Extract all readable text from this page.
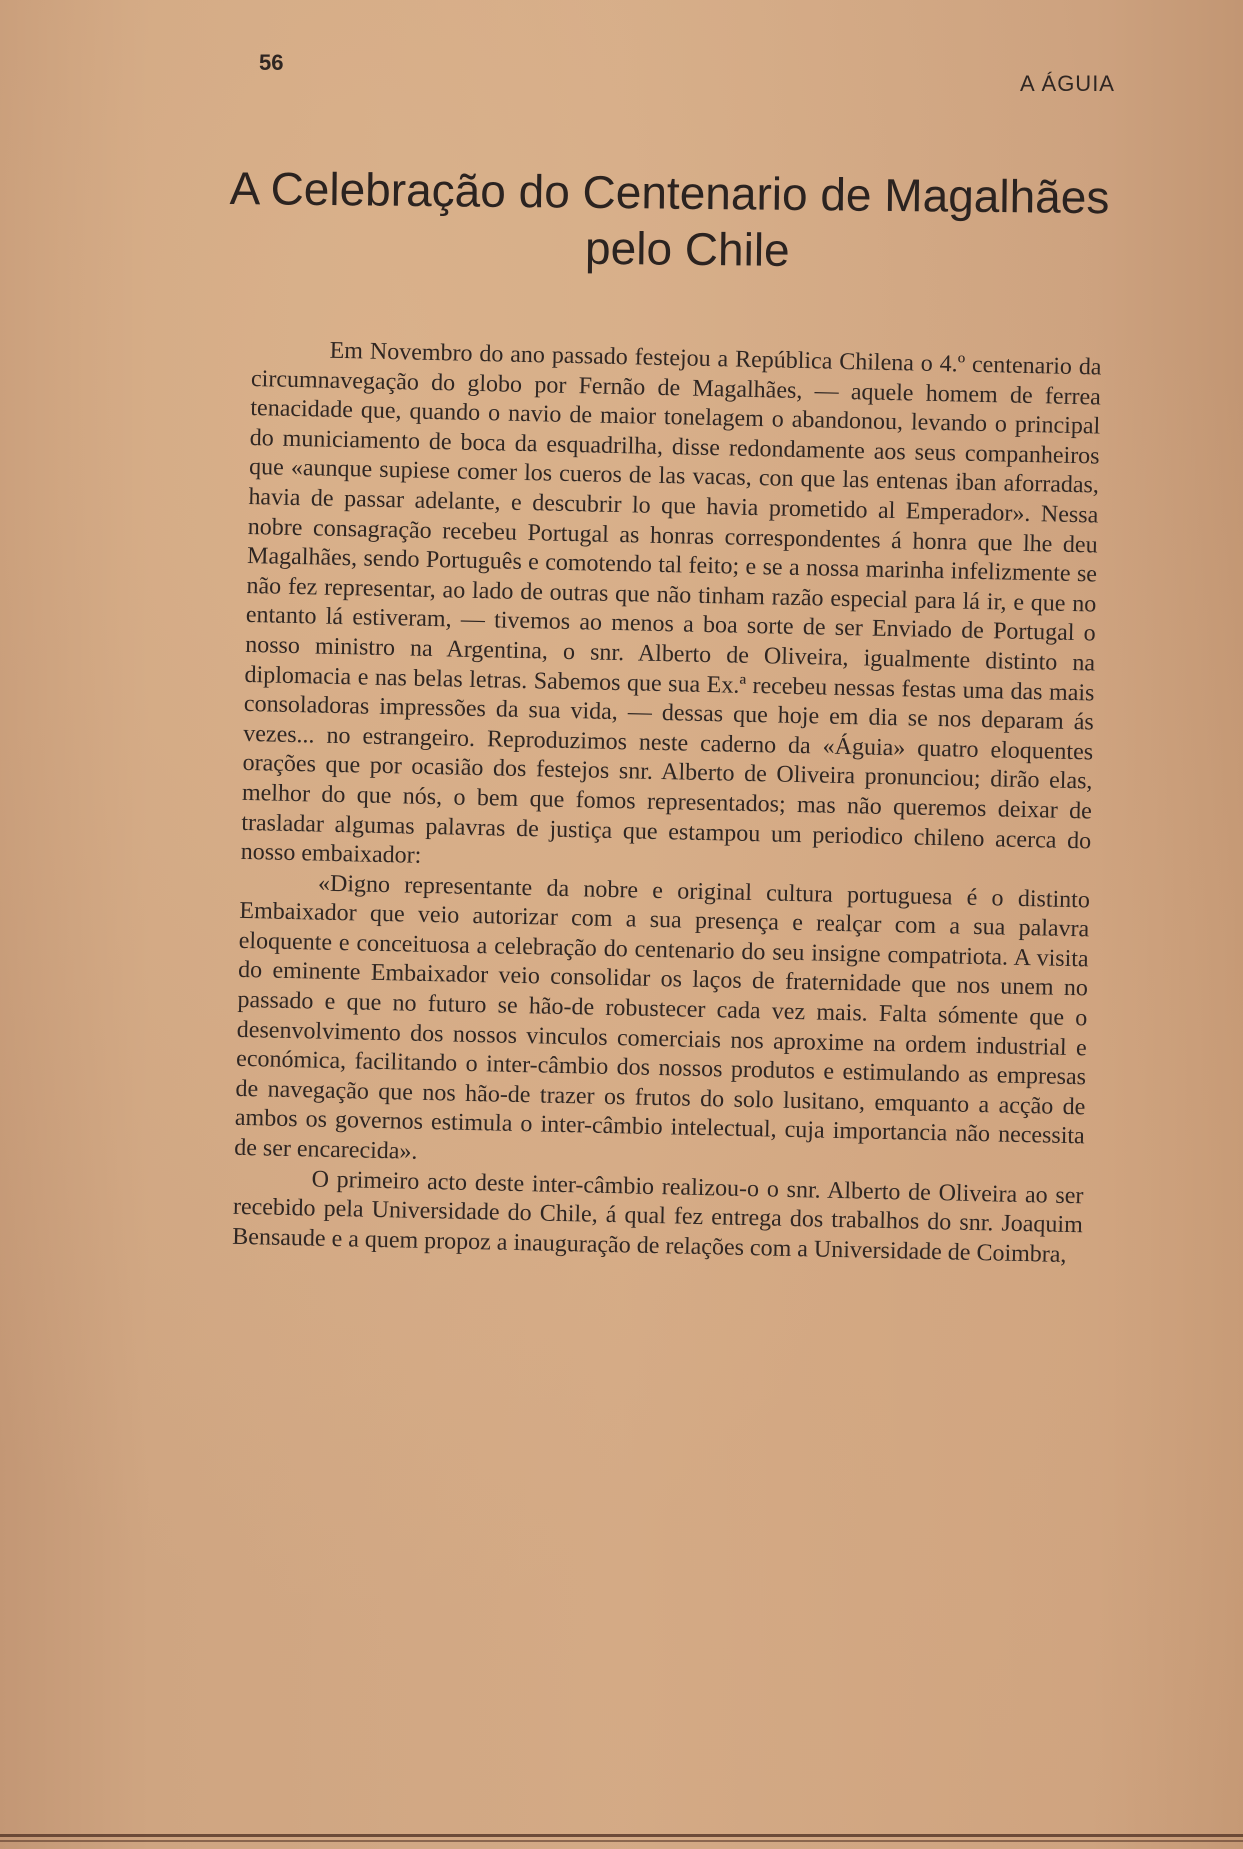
56
A ÁGUIA
A Celebração do Centenario de Magalhães
pelo Chile

Em Novembro do ano passado festejou a República Chilena o 4.º centenario da circumnavegação do globo por Fernão de Magalhães, — aquele homem de ferrea tenacidade que, quando o navio de maior tonelagem o abandonou, levando o principal do municiamento de boca da esquadrilha, disse redondamente aos seus companheiros que «aunque supiese comer los cueros de las vacas, con que las entenas iban aforradas, havia de passar adelante, e descubrir lo que havia prometido al Emperador». Nessa nobre consagração recebeu Portugal as honras correspondentes á honra que lhe deu Magalhães, sendo Português e comotendo tal feito; e se a nossa marinha infelizmente se não fez representar, ao lado de outras que não tinham razão especial para lá ir, e que no entanto lá estiveram, — tivemos ao menos a boa sorte de ser Enviado de Portugal o nosso ministro na Argentina, o snr. Alberto de Oliveira, igualmente distinto na diplomacia e nas belas letras. Sabemos que sua Ex.ª recebeu nessas festas uma das mais consoladoras impressões da sua vida, — dessas que hoje em dia se nos deparam ás vezes... no estrangeiro. Reproduzimos neste caderno da «Águia» quatro eloquentes orações que por ocasião dos festejos snr. Alberto de Oliveira pronunciou; dirão elas, melhor do que nós, o bem que fomos representados; mas não queremos deixar de trasladar algumas palavras de justiça que estampou um periodico chileno acerca do nosso embaixador:

«Digno representante da nobre e original cultura portuguesa é o distinto Embaixador que veio autorizar com a sua presença e realçar com a sua palavra eloquente e conceituosa a celebração do centenario do seu insigne compatriota. A visita do eminente Embaixador veio consolidar os laços de fraternidade que nos unem no passado e que no futuro se hão-de robustecer cada vez mais. Falta sómente que o desenvolvimento dos nossos vinculos comerciais nos aproxime na ordem industrial e económica, facilitando o inter-câmbio dos nossos produtos e estimulando as empresas de navegação que nos hão-de trazer os frutos do solo lusitano, emquanto a acção de ambos os governos estimula o inter-câmbio intelectual, cuja importancia não necessita de ser encarecida».

O primeiro acto deste inter-câmbio realizou-o o snr. Alberto de Oliveira ao ser recebido pela Universidade do Chile, á qual fez entrega dos trabalhos do snr. Joaquim Bensaude e a quem propoz a inauguração de relações com a Universidade de Coimbra,
